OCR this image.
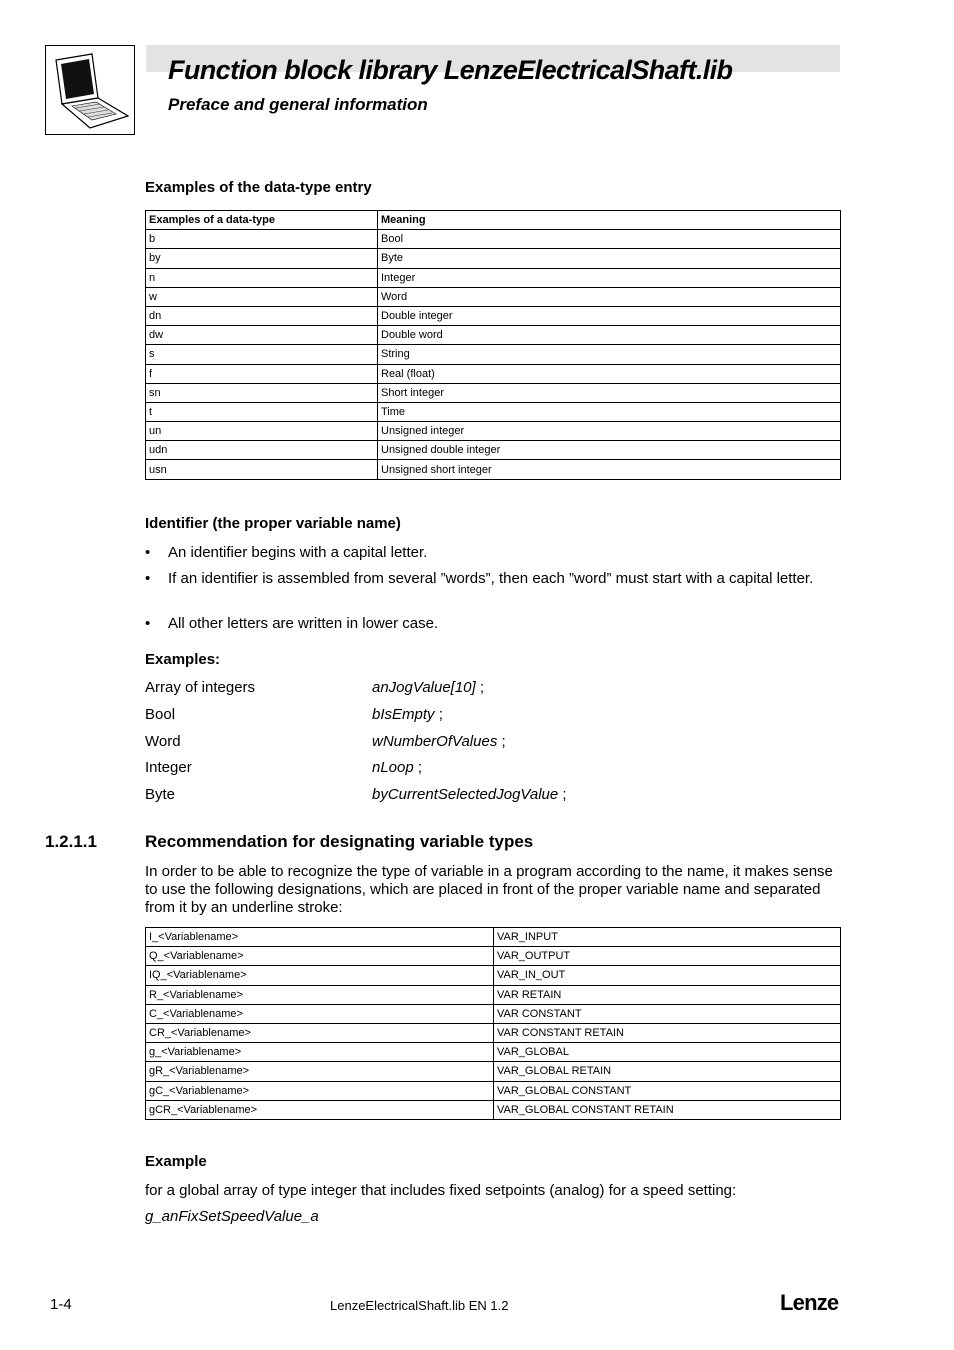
Function block library LenzeElectricalShaft.lib
Preface and general information
Examples of the data-type entry
Examples of a data-type	Meaning
b	Bool
by	Byte
n	Integer
w	Word
dn	Double integer
dw	Double word
s	String
f	Real (float)
sn	Short integer
t	Time
un	Unsigned integer
udn	Unsigned double integer
usn	Unsigned short integer
Identifier (the proper variable name)
• An identifier begins with a capital letter.
• If an identifier is assembled from several ”words”, then each ”word” must start with a capital letter.
• All other letters are written in lower case.
Examples:
Array of integers	anJogValue[10] ;
Bool	bIsEmpty ;
Word	wNumberOfValues ;
Integer	nLoop ;
Byte	byCurrentSelectedJogValue ;
1.2.1.1	Recommendation for designating variable types
In order to be able to recognize the type of variable in a program according to the name, it makes sense to use the following designations, which are placed in front of the proper variable name and separated from it by an underline stroke:
I_<Variablename>	VAR_INPUT
Q_<Variablename>	VAR_OUTPUT
IQ_<Variablename>	VAR_IN_OUT
R_<Variablename>	VAR RETAIN
C_<Variablename>	VAR CONSTANT
CR_<Variablename>	VAR CONSTANT RETAIN
g_<Variablename>	VAR_GLOBAL
gR_<Variablename>	VAR_GLOBAL RETAIN
gC_<Variablename>	VAR_GLOBAL CONSTANT
gCR_<Variablename>	VAR_GLOBAL CONSTANT RETAIN
Example
for a global array of type integer that includes fixed setpoints (analog) for a speed setting:
g_anFixSetSpeedValue_a
1-4	LenzeElectricalShaft.lib EN 1.2	Lenze
